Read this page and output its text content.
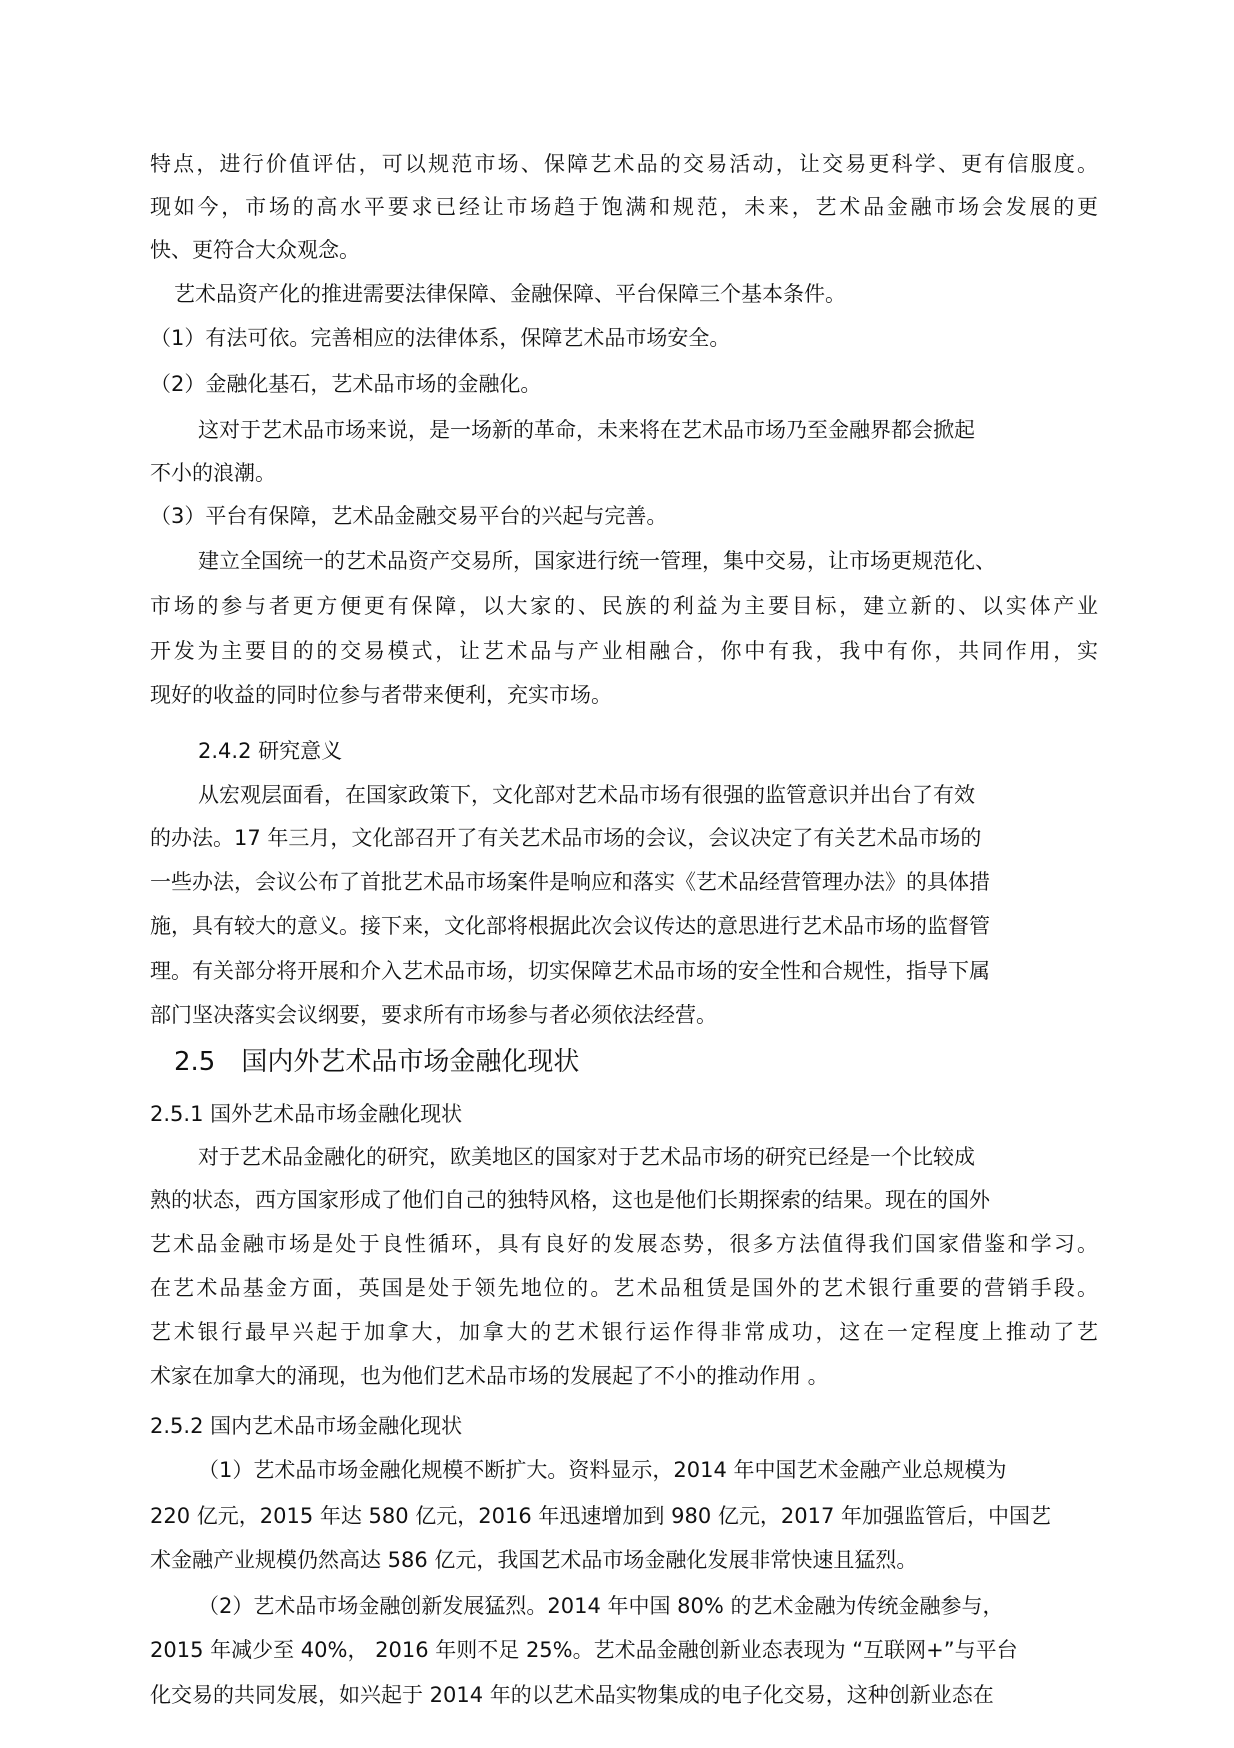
特点，进行价值评估，可以规范市场、保障艺术品的交易活动，让交易更科学、更有信服度。

现如今，市场的高水平要求已经让市场趋于饱满和规范，未来，艺术品金融市场会发展的更

快、更符合大众观念。

艺术品资产化的推进需要法律保障、金融保障、平台保障三个基本条件。

（1）有法可依。完善相应的法律体系，保障艺术品市场安全。

（2）金融化基石，艺术品市场的金融化。

这对于艺术品市场来说，是一场新的革命，未来将在艺术品市场乃至金融界都会掀起

不小的浪潮。

（3）平台有保障，艺术品金融交易平台的兴起与完善。

建立全国统一的艺术品资产交易所，国家进行统一管理，集中交易，让市场更规范化、

市场的参与者更方便更有保障，以大家的、民族的利益为主要目标，建立新的、以实体产业

开发为主要目的的交易模式，让艺术品与产业相融合，你中有我，我中有你，共同作用，实

现好的收益的同时位参与者带来便利，充实市场。

2.4.2 研究意义

从宏观层面看，在国家政策下，文化部对艺术品市场有很强的监管意识并出台了有效

的办法。17 年三月，文化部召开了有关艺术品市场的会议，会议决定了有关艺术品市场的

一些办法，会议公布了首批艺术品市场案件是响应和落实《艺术品经营管理办法》的具体措

施，具有较大的意义。接下来，文化部将根据此次会议传达的意思进行艺术品市场的监督管

理。有关部分将开展和介入艺术品市场，切实保障艺术品市场的安全性和合规性，指导下属

部门坚决落实会议纲要，要求所有市场参与者必须依法经营。

2.5　国内外艺术品市场金融化现状

2.5.1 国外艺术品市场金融化现状

对于艺术品金融化的研究，欧美地区的国家对于艺术品市场的研究已经是一个比较成

熟的状态，西方国家形成了他们自己的独特风格，这也是他们长期探索的结果。现在的国外

艺术品金融市场是处于良性循环，具有良好的发展态势，很多方法值得我们国家借鉴和学习。

在艺术品基金方面，英国是处于领先地位的。艺术品租赁是国外的艺术银行重要的营销手段。

艺术银行最早兴起于加拿大，加拿大的艺术银行运作得非常成功，这在一定程度上推动了艺

术家在加拿大的涌现，也为他们艺术品市场的发展起了不小的推动作用 。

2.5.2 国内艺术品市场金融化现状

（1）艺术品市场金融化规模不断扩大。资料显示，2014 年中国艺术金融产业总规模为

220 亿元，2015 年达 580 亿元，2016 年迅速增加到 980 亿元，2017 年加强监管后，中国艺

术金融产业规模仍然高达 586 亿元，我国艺术品市场金融化发展非常快速且猛烈。

（2）艺术品市场金融创新发展猛烈。2014 年中国 80% 的艺术金融为传统金融参与，

2015 年减少至 40%， 2016 年则不足 25%。艺术品金融创新业态表现为 “互联网+”与平台

化交易的共同发展，如兴起于 2014 年的以艺术品实物集成的电子化交易，这种创新业态在
